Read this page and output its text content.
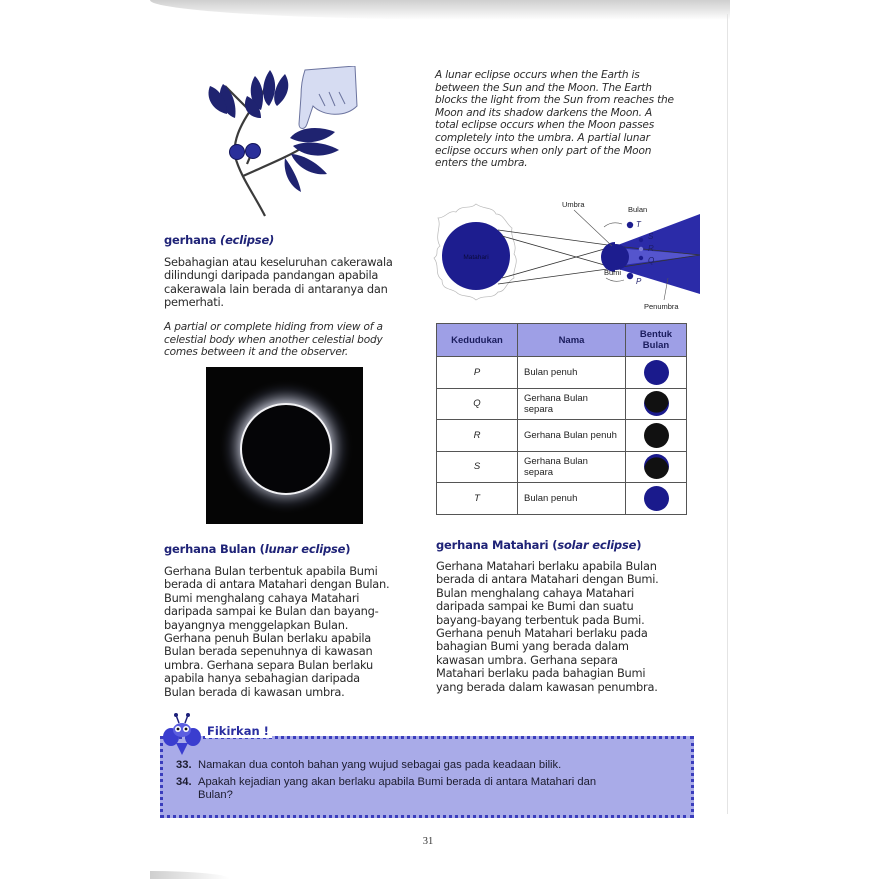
gerhana (eclipse)
Sebahagian atau keseluruhan cakerawala
dilindungi daripada pandangan apabila
cakerawala lain berada di antaranya dan
pemerhati.
A partial or complete hiding from view of a
celestial body when another celestial body
comes between it and the observer.
gerhana Bulan (lunar eclipse)
Gerhana Bulan terbentuk apabila Bumi
berada di antara Matahari dengan Bulan.
Bumi menghalang cahaya Matahari
daripada sampai ke Bulan dan bayang-
bayangnya menggelapkan Bulan.
Gerhana penuh Bulan berlaku apabila
Bulan berada sepenuhnya di kawasan
umbra. Gerhana separa Bulan berlaku
apabila hanya sebahagian daripada
Bulan berada di kawasan umbra.
A lunar eclipse occurs when the Earth is
between the Sun and the Moon. The Earth
blocks the light from the Sun from reaches the
Moon and its shadow darkens the Moon. A
total eclipse occurs when the Moon passes
completely into the umbra. A partial lunar
eclipse occurs when only part of the Moon
enters the umbra.
Matahari
T
S
R
Q
P
Umbra
Bulan
Bumi
Penumbra
Kedudukan	Nama	Bentuk Bulan
P	Bulan penuh	
Q	Gerhana Bulan separa	
R	Gerhana Bulan penuh	
S	Gerhana Bulan separa	
T	Bulan penuh	
gerhana Matahari (solar eclipse)
Gerhana Matahari berlaku apabila Bulan
berada di antara Matahari dengan Bumi.
Bulan menghalang cahaya Matahari
daripada sampai ke Bumi dan suatu
bayang-bayang terbentuk pada Bumi.
Gerhana penuh Matahari berlaku pada
bahagian Bumi yang berada dalam
kawasan umbra. Gerhana separa
Matahari berlaku pada bahagian Bumi
yang berada dalam kawasan penumbra.
33. Namakan dua contoh bahan yang wujud sebagai gas pada keadaan bilik.
34. Apakah kejadian yang akan berlaku apabila Bumi berada di antara Matahari dan
Bulan?
Fikirkan !
31
